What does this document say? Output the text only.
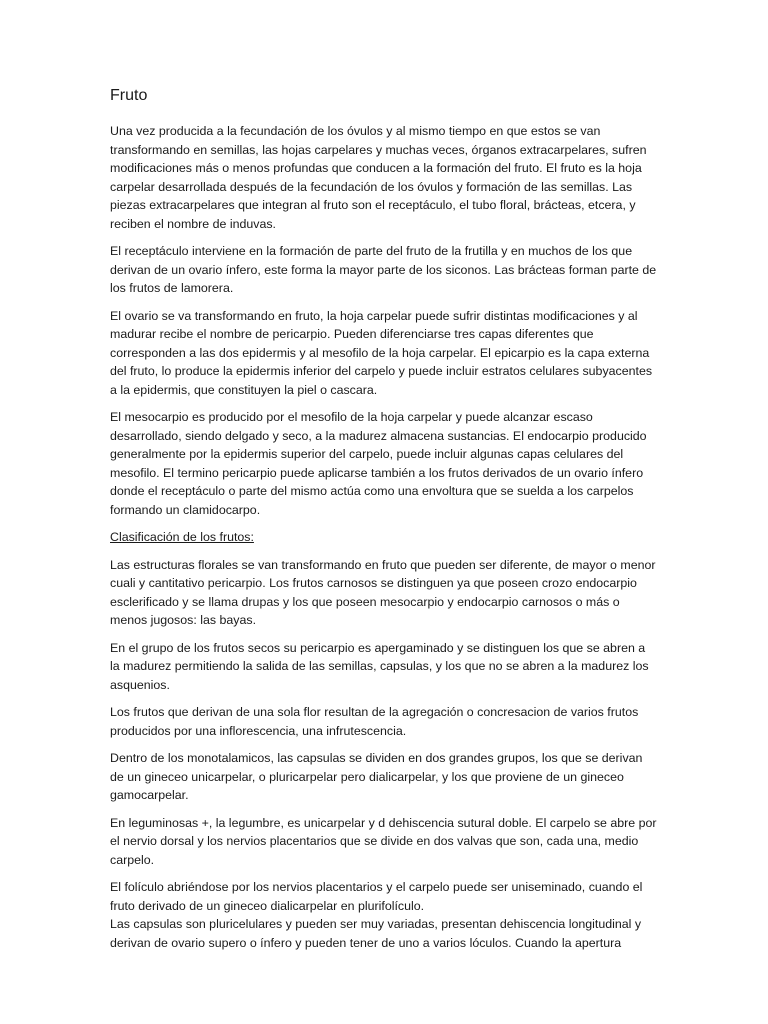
Fruto

Una vez producida a la fecundación de los óvulos y al mismo tiempo en que estos se van transformando en semillas, las hojas carpelares y muchas veces, órganos extracarpelares, sufren modificaciones más o menos profundas que conducen a la formación del fruto. El fruto es la hoja carpelar desarrollada después de la fecundación de los óvulos y formación de las semillas. Las piezas extracarpelares que integran al fruto son el receptáculo, el tubo floral, brácteas, etcera, y reciben el nombre de induvas.

El receptáculo interviene en la formación de parte del fruto de la frutilla y en muchos de los que derivan de un ovario ínfero, este forma la mayor parte de los siconos. Las brácteas forman parte de los frutos de lamorera.

El ovario se va transformando en fruto, la hoja carpelar puede sufrir distintas modificaciones y al madurar recibe el nombre de pericarpio. Pueden diferenciarse tres capas diferentes que corresponden a las dos epidermis y al mesofilo de la hoja carpelar. El epicarpio es la capa externa del fruto, lo produce la epidermis inferior del carpelo y puede incluir estratos celulares subyacentes a la epidermis, que constituyen la piel o cascara.

El mesocarpio es producido por el mesofilo de la hoja carpelar y puede alcanzar escaso desarrollado, siendo delgado y seco, a la madurez almacena sustancias. El endocarpio producido generalmente por la epidermis superior del carpelo, puede incluir algunas capas celulares del mesofilo. El termino pericarpio puede aplicarse también a los frutos derivados de un ovario ínfero donde el receptáculo o parte del mismo actúa como una envoltura que se suelda a los carpelos formando un clamidocarpo.

Clasificación de los frutos:

Las estructuras florales se van transformando en fruto que pueden ser diferente, de mayor o menor cuali y cantitativo pericarpio. Los frutos carnosos se distinguen ya que poseen crozo endocarpio esclerificado y se llama drupas y los que poseen mesocarpio y endocarpio carnosos o más o menos jugosos: las bayas.

En el grupo de los frutos secos su pericarpio es apergaminado y se distinguen los que se abren a la madurez permitiendo la salida de las semillas, capsulas, y los que no se abren a la madurez los asquenios.

Los frutos que derivan de una sola flor resultan de la agregación o concresacion de varios frutos producidos por una inflorescencia, una infrutescencia.

Dentro de los monotalamicos, las capsulas se dividen en dos grandes grupos, los que se derivan de un gineceo unicarpelar, o pluricarpelar pero dialicarpelar, y los que proviene de un gineceo gamocarpelar.

En leguminosas +, la legumbre, es unicarpelar y d dehiscencia sutural doble. El carpelo se abre por el nervio dorsal y los nervios placentarios que se divide en dos valvas que son, cada una, medio carpelo.

El folículo abriéndose por los nervios placentarios y el carpelo puede ser uniseminado, cuando el fruto derivado de un gineceo dialicarpelar en plurifolículo.

Las capsulas son pluricelulares y pueden ser muy variadas, presentan dehiscencia longitudinal y derivan de ovario supero o ínfero y pueden tener de uno a varios lóculos. Cuando la apertura
